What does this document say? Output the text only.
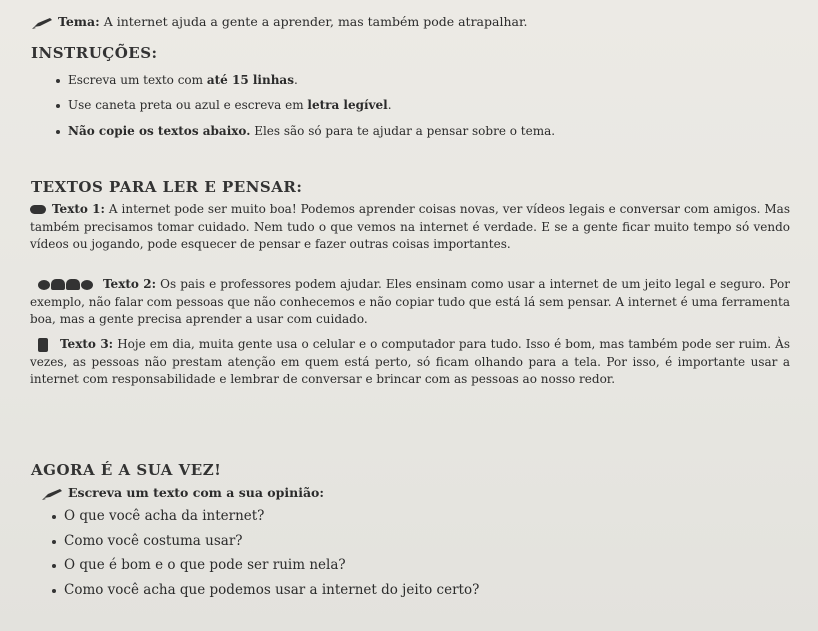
Tema: A internet ajuda a gente a aprender, mas também pode atrapalhar.
INSTRUÇÕES:
Escreva um texto com até 15 linhas.
Use caneta preta ou azul e escreva em letra legível.
Não copie os textos abaixo. Eles são só para te ajudar a pensar sobre o tema.
TEXTOS PARA LER E PENSAR:
Texto 1: A internet pode ser muito boa! Podemos aprender coisas novas, ver vídeos legais e conversar com amigos. Mas também precisamos tomar cuidado. Nem tudo o que vemos na internet é verdade. E se a gente ficar muito tempo só vendo vídeos ou jogando, pode esquecer de pensar e fazer outras coisas importantes.
Texto 2: Os pais e professores podem ajudar. Eles ensinam como usar a internet de um jeito legal e seguro. Por exemplo, não falar com pessoas que não conhecemos e não copiar tudo que está lá sem pensar. A internet é uma ferramenta boa, mas a gente precisa aprender a usar com cuidado.
Texto 3: Hoje em dia, muita gente usa o celular e o computador para tudo. Isso é bom, mas também pode ser ruim. Às vezes, as pessoas não prestam atenção em quem está perto, só ficam olhando para a tela. Por isso, é importante usar a internet com responsabilidade e lembrar de conversar e brincar com as pessoas ao nosso redor.
AGORA É A SUA VEZ!
Escreva um texto com a sua opinião:
O que você acha da internet?
Como você costuma usar?
O que é bom e o que pode ser ruim nela?
Como você acha que podemos usar a internet do jeito certo?
